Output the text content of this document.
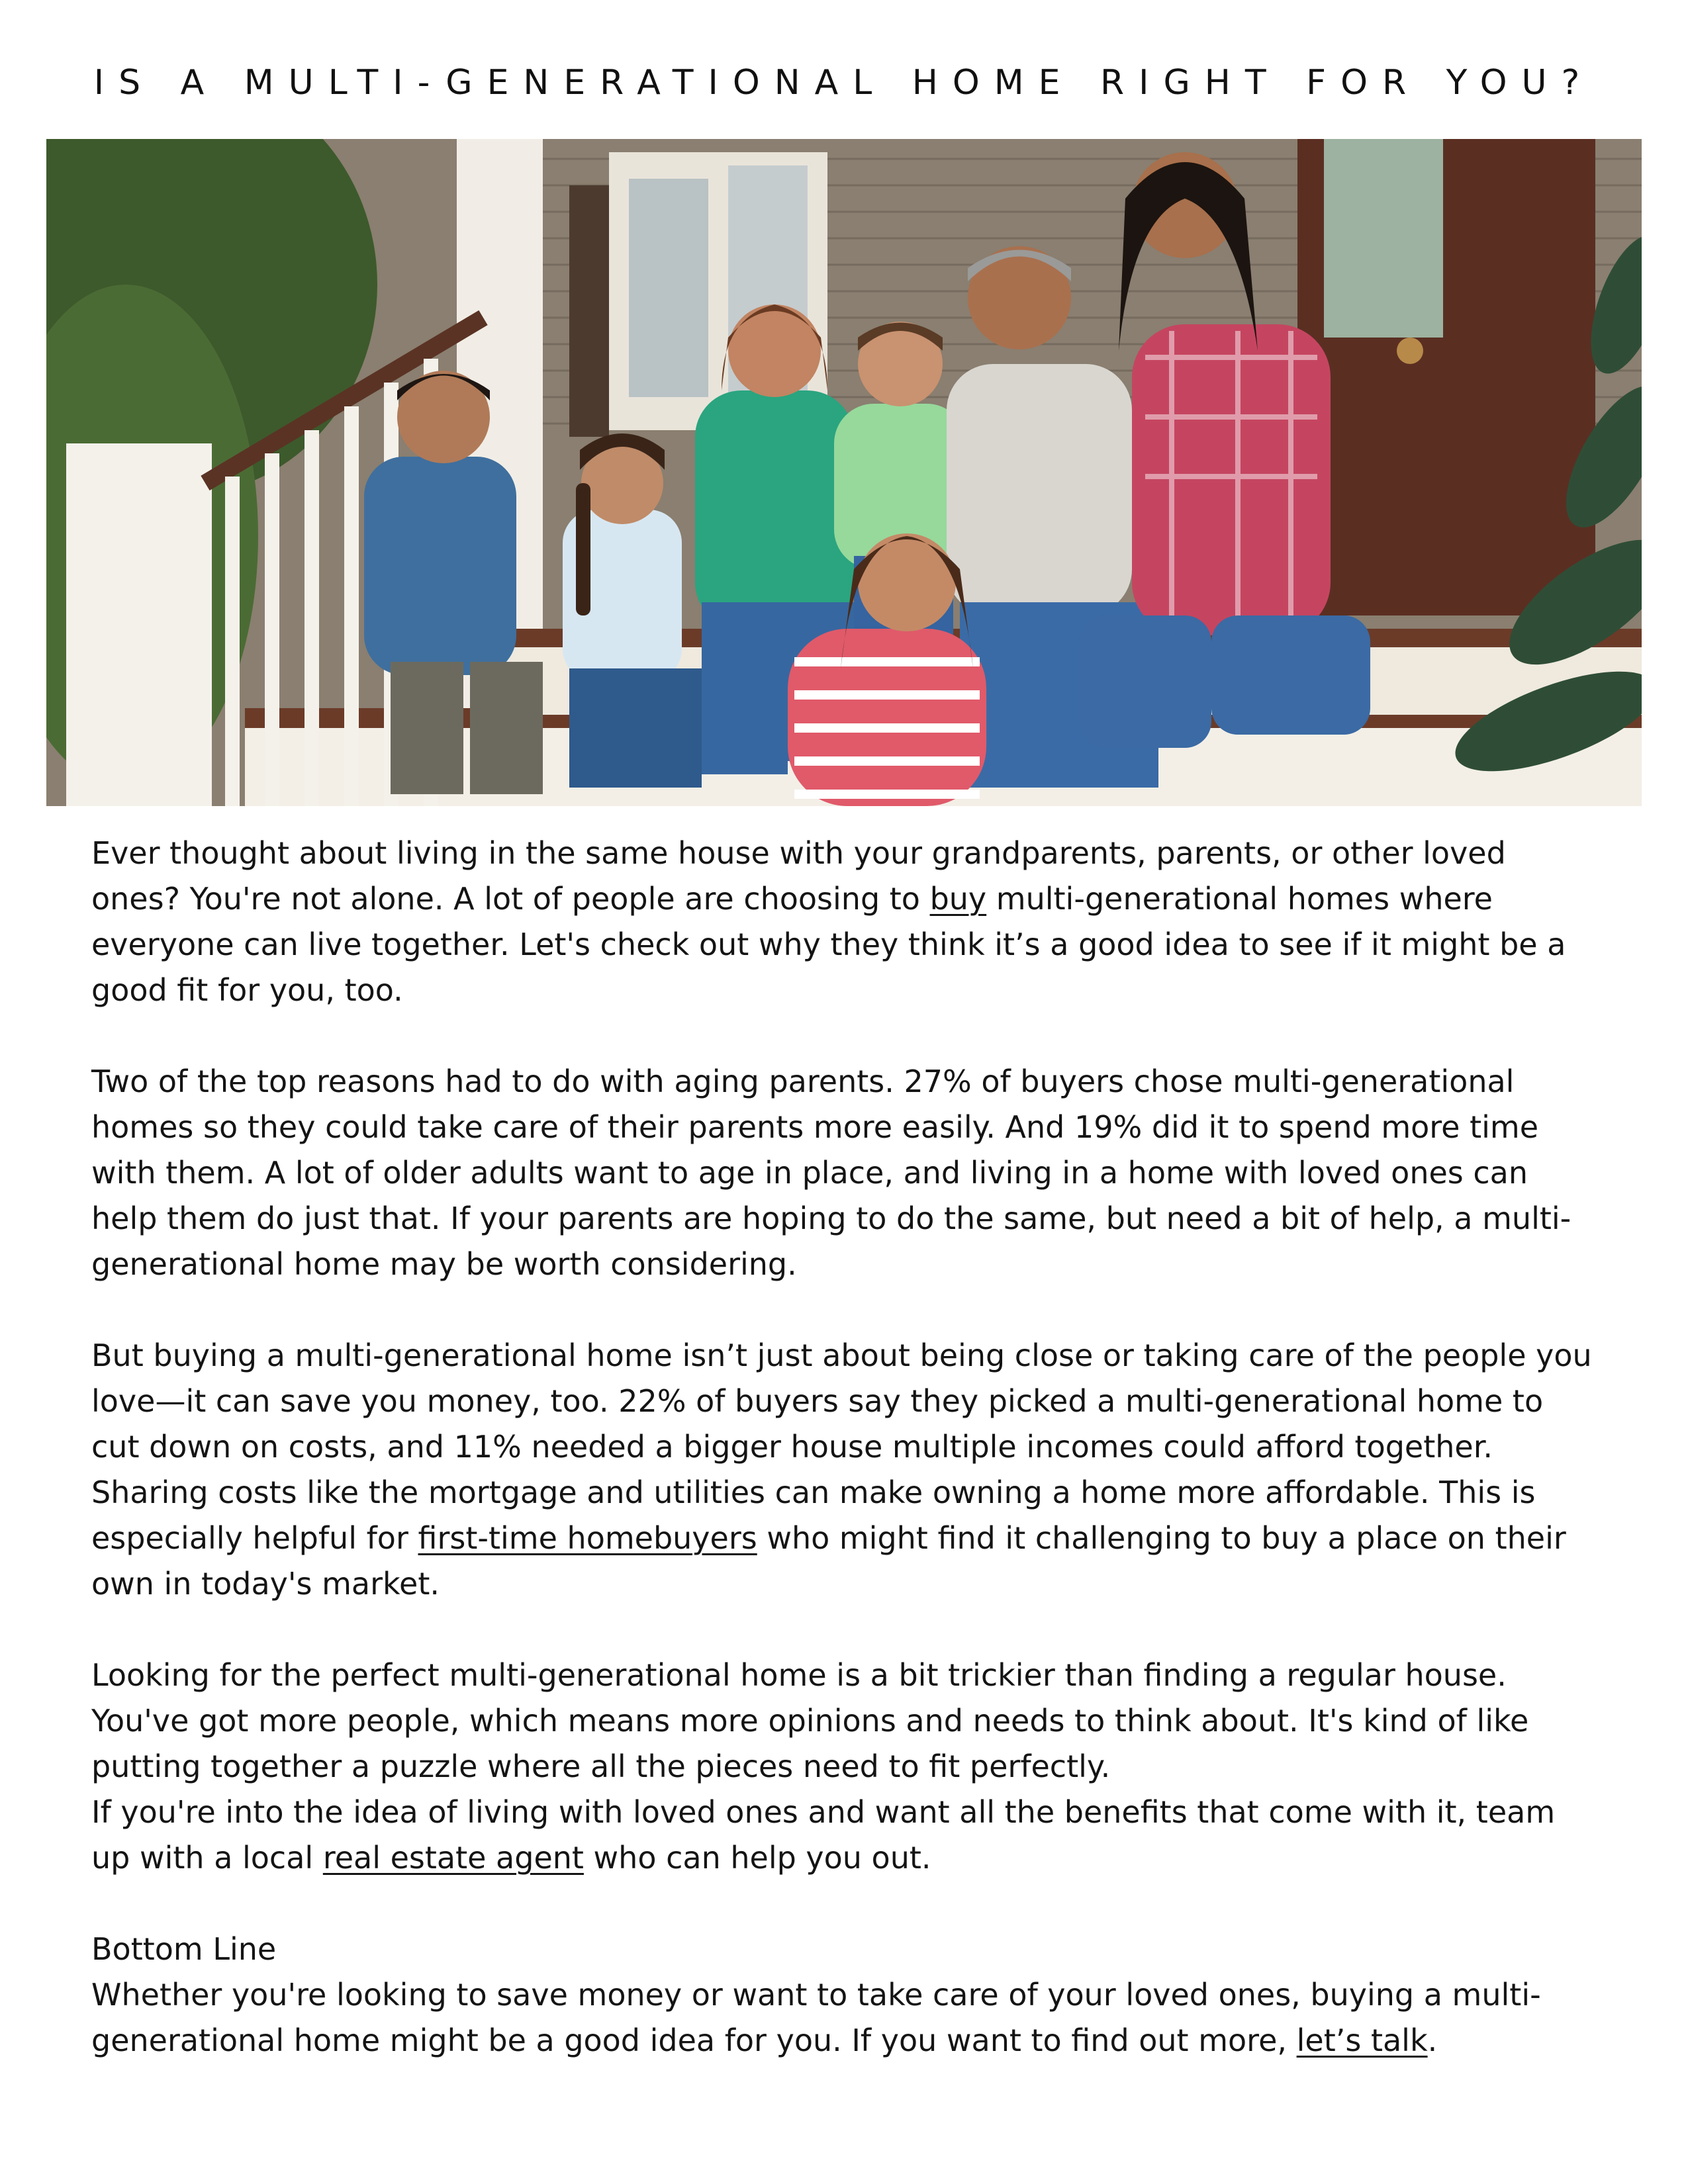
IS A MULTI-GENERATIONAL HOME RIGHT FOR YOU?

Ever thought about living in the same house with your grandparents, parents, or other loved ones? You're not alone. A lot of people are choosing to buy multi-generational homes where everyone can live together. Let's check out why they think it’s a good idea to see if it might be a good fit for you, too.

Two of the top reasons had to do with aging parents. 27% of buyers chose multi-generational homes so they could take care of their parents more easily. And 19% did it to spend more time with them. A lot of older adults want to age in place, and living in a home with loved ones can help them do just that. If your parents are hoping to do the same, but need a bit of help, a multi-generational home may be worth considering.

But buying a multi-generational home isn’t just about being close or taking care of the people you love—it can save you money, too. 22% of buyers say they picked a multi-generational home to cut down on costs, and 11% needed a bigger house multiple incomes could afford together.

Sharing costs like the mortgage and utilities can make owning a home more affordable. This is especially helpful for first-time homebuyers who might find it challenging to buy a place on their own in today's market.

Looking for the perfect multi-generational home is a bit trickier than finding a regular house. You've got more people, which means more opinions and needs to think about. It's kind of like putting together a puzzle where all the pieces need to fit perfectly.

If you're into the idea of living with loved ones and want all the benefits that come with it, team up with a local real estate agent who can help you out.

Bottom Line

Whether you're looking to save money or want to take care of your loved ones, buying a multi-generational home might be a good idea for you. If you want to find out more, let’s talk.
